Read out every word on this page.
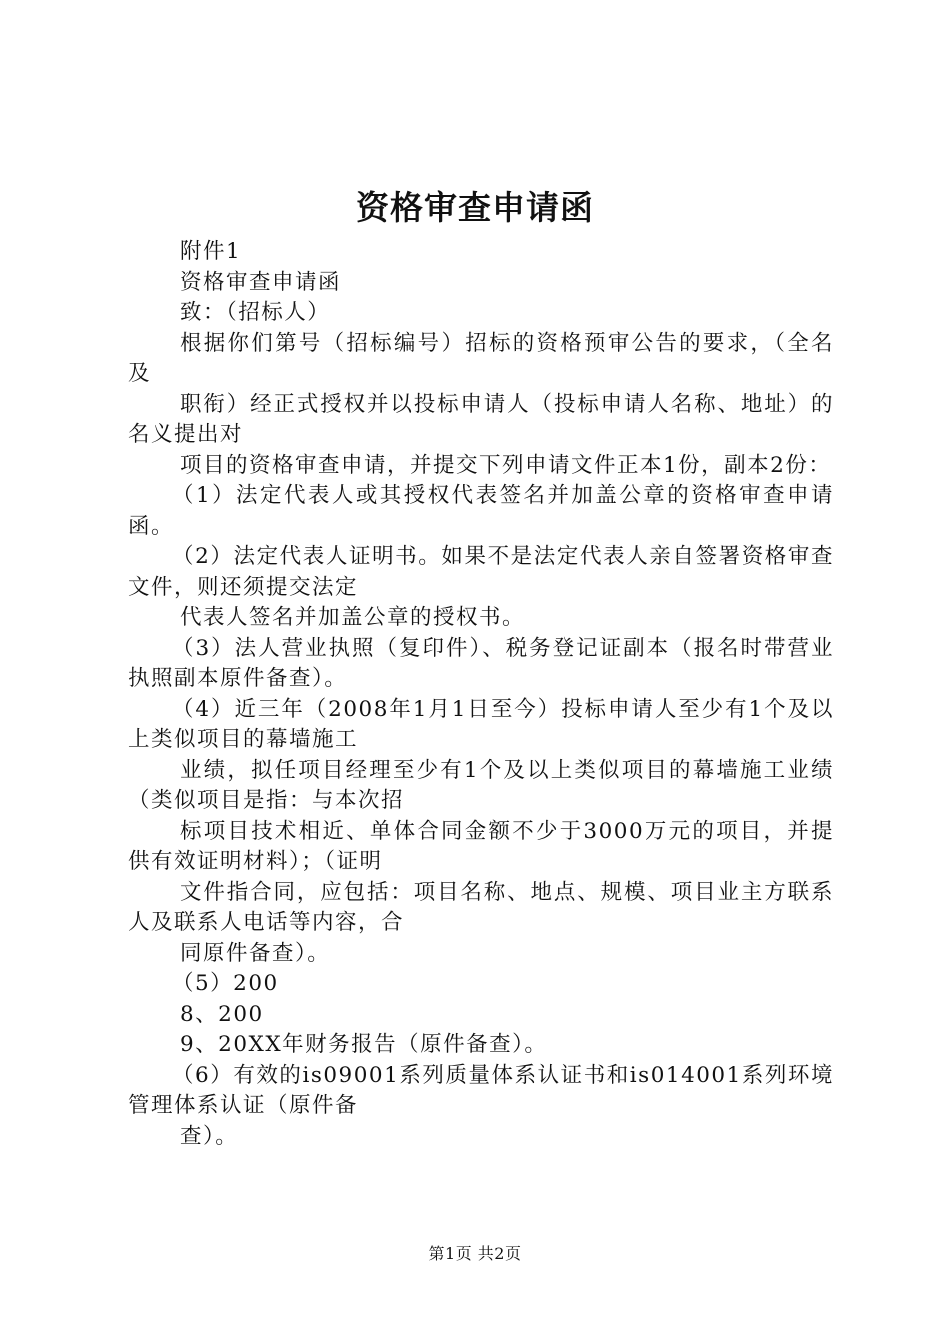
资格审查申请函

附件1

资格审查申请函

致：（招标人）

根据你们第号（招标编号）招标的资格预审公告的要求，（全名及

职衔）经正式授权并以投标申请人（投标申请人名称、地址）的名义提出对

项目的资格审查申请，并提交下列申请文件正本1份，副本2份：

（1）法定代表人或其授权代表签名并加盖公章的资格审查申请函。

（2）法定代表人证明书。如果不是法定代表人亲自签署资格审查文件，则还须提交法定

代表人签名并加盖公章的授权书。

（3）法人营业执照（复印件）、税务登记证副本（报名时带营业执照副本原件备查）。

（4）近三年（2008年1月1日至今）投标申请人至少有1个及以上类似项目的幕墙施工

业绩，拟任项目经理至少有1个及以上类似项目的幕墙施工业绩（类似项目是指：与本次招

标项目技术相近、单体合同金额不少于3000万元的项目，并提供有效证明材料）；（证明

文件指合同，应包括：项目名称、地点、规模、项目业主方联系人及联系人电话等内容，合

同原件备查）。

（5）200

8、200

9、20XX年财务报告（原件备查）。

（6）有效的is09001系列质量体系认证书和is014001系列环境管理体系认证（原件备

查）。

第1页 共2页
